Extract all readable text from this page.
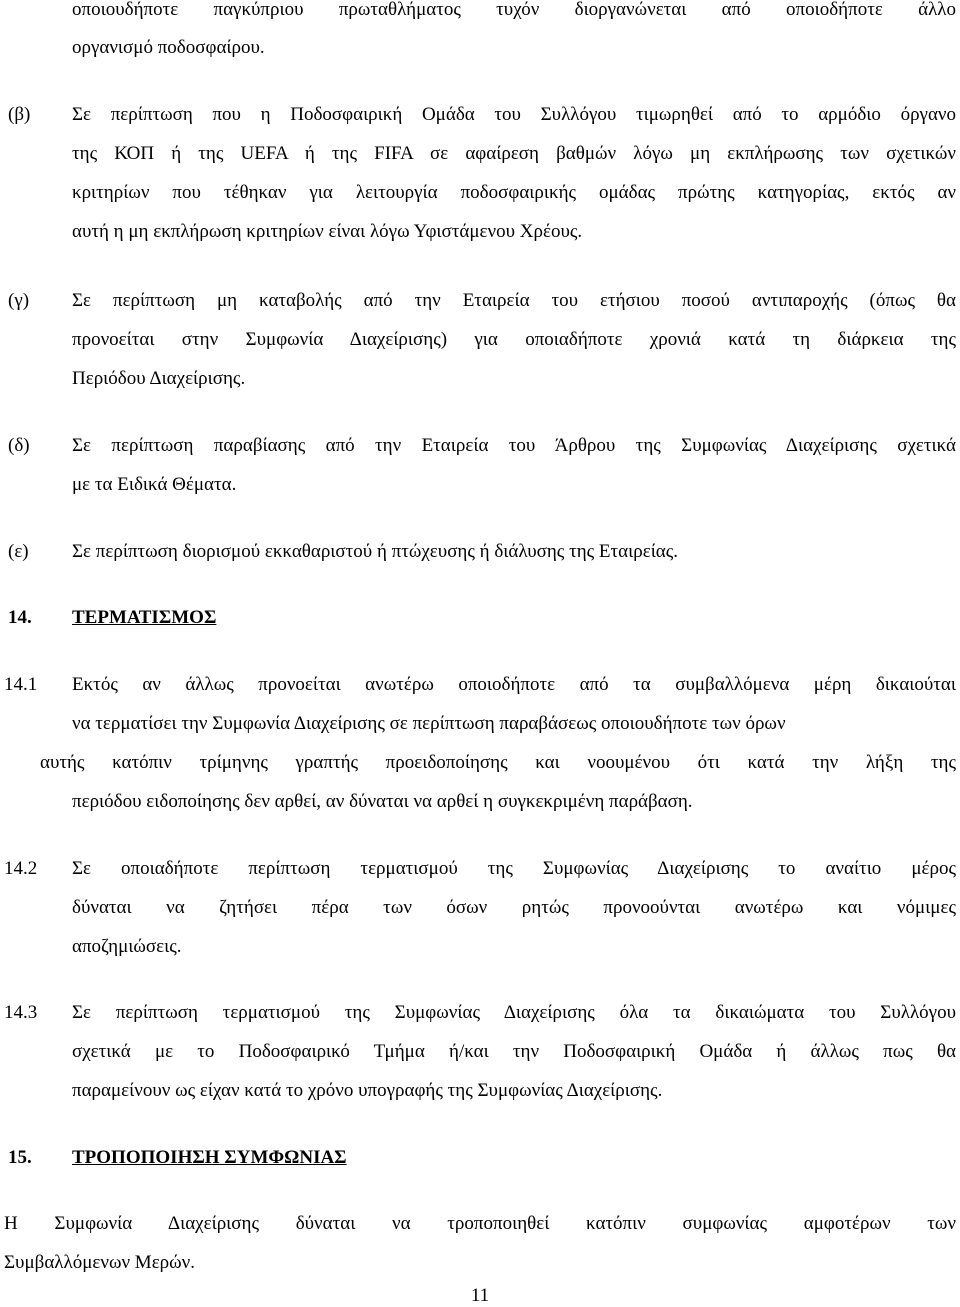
οποιουδήποτε παγκύπριου πρωταθλήματος τυχόν διοργανώνεται από οποιοδήποτε άλλο
οργανισμό ποδοσφαίρου.
(β) Σε περίπτωση που η Ποδοσφαιρική Ομάδα του Συλλόγου τιμωρηθεί από το αρμόδιο όργανο
της ΚΟΠ ή της UEFA ή της FIFA σε αφαίρεση βαθμών λόγω μη εκπλήρωσης των σχετικών
κριτηρίων που τέθηκαν για λειτουργία ποδοσφαιρικής ομάδας πρώτης κατηγορίας, εκτός αν
αυτή η μη εκπλήρωση κριτηρίων είναι λόγω Υφιστάμενου Χρέους.
(γ) Σε περίπτωση μη καταβολής από την Εταιρεία του ετήσιου ποσού αντιπαροχής (όπως θα
προνοείται στην Συμφωνία Διαχείρισης) για οποιαδήποτε χρονιά κατά τη διάρκεια της
Περιόδου Διαχείρισης.
(δ) Σε περίπτωση παραβίασης από την Εταιρεία του Άρθρου της Συμφωνίας Διαχείρισης σχετικά
με τα Ειδικά Θέματα.
(ε) Σε περίπτωση διορισμού εκκαθαριστού ή πτώχευσης ή διάλυσης της Εταιρείας.
14. ΤΕΡΜΑΤΙΣΜΟΣ
14.1 Εκτός αν άλλως προνοείται ανωτέρω οποιοδήποτε από τα συμβαλλόμενα μέρη δικαιούται
να τερματίσει την Συμφωνία Διαχείρισης σε περίπτωση παραβάσεως οποιουδήποτε των όρων
αυτής κατόπιν τρίμηνης γραπτής προειδοποίησης και νοουμένου ότι κατά την λήξη της
περιόδου ειδοποίησης δεν αρθεί, αν δύναται να αρθεί η συγκεκριμένη παράβαση.
14.2 Σε οποιαδήποτε περίπτωση τερματισμού της Συμφωνίας Διαχείρισης το αναίτιο μέρος
δύναται να ζητήσει πέρα των όσων ρητώς προνοούνται ανωτέρω και νόμιμες
αποζημιώσεις.
14.3 Σε περίπτωση τερματισμού της Συμφωνίας Διαχείρισης όλα τα δικαιώματα του Συλλόγου
σχετικά με το Ποδοσφαιρικό Τμήμα ή/και την Ποδοσφαιρική Ομάδα ή άλλως πως θα
παραμείνουν ως είχαν κατά το χρόνο υπογραφής της Συμφωνίας Διαχείρισης.
15. ΤΡΟΠΟΠΟΙΗΣΗ ΣΥΜΦΩΝΙΑΣ
Η Συμφωνία Διαχείρισης δύναται να τροποποιηθεί κατόπιν συμφωνίας αμφοτέρων των
Συμβαλλόμενων Μερών.
11
